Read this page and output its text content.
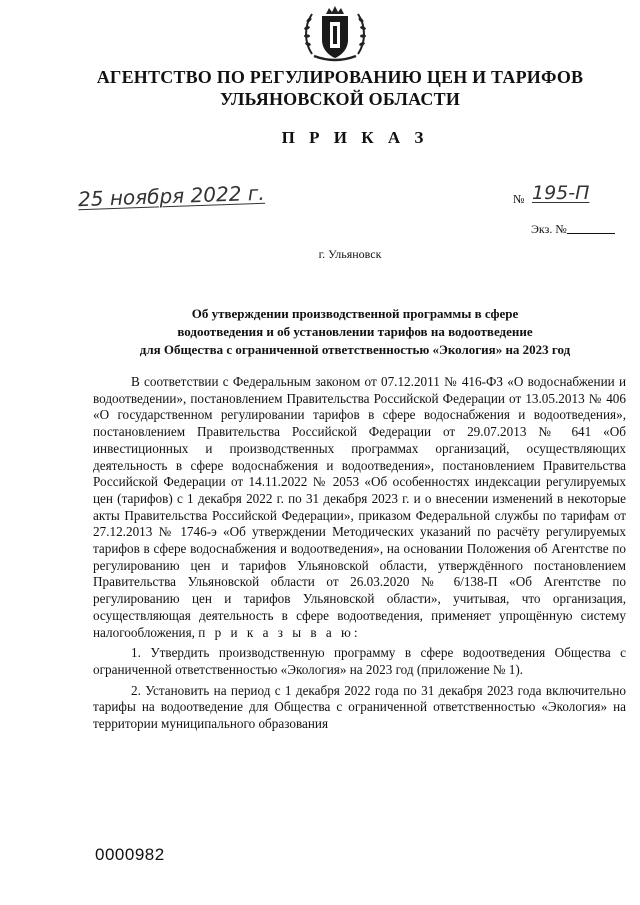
АГЕНТСТВО ПО РЕГУЛИРОВАНИЮ ЦЕН И ТАРИФОВ
УЛЬЯНОВСКОЙ ОБЛАСТИ
П Р И К А З
25 ноября 2022 г.	№ 195-П
Экз. №
г. Ульяновск
Об утверждении производственной программы в сфере
водоотведения и об установлении тарифов на водоотведение
для Общества с ограниченной ответственностью «Экология» на 2023 год

В соответствии с Федеральным законом от 07.12.2011 № 416-ФЗ «О водоснабжении и водоотведении», постановлением Правительства Российской Федерации от 13.05.2013 № 406 «О государственном регулировании тарифов в сфере водоснабжения и водоотведения», постановлением Правительства Российской Федерации от 29.07.2013 № 641 «Об инвестиционных и производственных программах организаций, осуществляющих деятельность в сфере водоснабжения и водоотведения», постановлением Правительства Российской Федерации от 14.11.2022 № 2053 «Об особенностях индексации регулируемых цен (тарифов) с 1 декабря 2022 г. по 31 декабря 2023 г. и о внесении изменений в некоторые акты Правительства Российской Федерации», приказом Федеральной службы по тарифам от 27.12.2013 № 1746-э «Об утверждении Методических указаний по расчёту регулируемых тарифов в сфере водоснабжения и водоотведения», на основании Положения об Агентстве по регулированию цен и тарифов Ульяновской области, утверждённого постановлением Правительства Ульяновской области от 26.03.2020 № 6/138-П «Об Агентстве по регулированию цен и тарифов Ульяновской области», учитывая, что организация, осуществляющая деятельность в сфере водоотведения, применяет упрощённую систему налогообложения, п р и к а з ы в а ю:

1. Утвердить производственную программу в сфере водоотведения Общества с ограниченной ответственностью «Экология» на 2023 год (приложение № 1).

2. Установить на период с 1 декабря 2022 года по 31 декабря 2023 года включительно тарифы на водоотведение для Общества с ограниченной ответственностью «Экология» на территории муниципального образования

0000982
